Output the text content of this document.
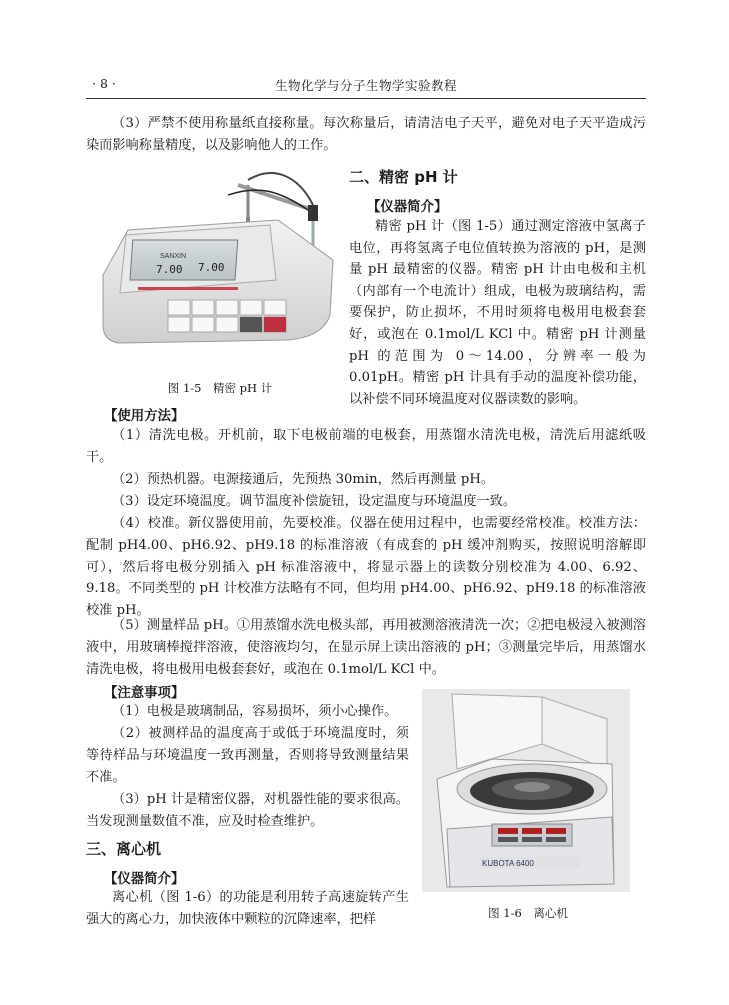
· 8 ·	生物化学与分子生物学实验教程

（3）严禁不使用称量纸直接称量。每次称量后，请清洁电子天平，避免对电子天平造成污染而影响称量精度，以及影响他人的工作。

SANXIN
7.00 7.00
图 1-5　精密 pH 计
二、精密 pH 计
【仪器简介】

精密 pH 计（图 1-5）通过测定溶液中氢离子电位，再将氢离子电位值转换为溶液的 pH，是测量 pH 最精密的仪器。精密 pH 计由电极和主机（内部有一个电流计）组成，电极为玻璃结构，需要保护，防止损坏，不用时须将电极用电极套套好，或泡在 0.1mol/L KCl 中。精密 pH 计测量 pH 的范围为 0～14.00，分辨率一般为 0.01pH。精密 pH 计具有手动的温度补偿功能，以补偿不同环境温度对仪器读数的影响。

【使用方法】

（1）清洗电极。开机前，取下电极前端的电极套，用蒸馏水清洗电极，清洗后用滤纸吸干。

（2）预热机器。电源接通后，先预热 30min，然后再测量 pH。

（3）设定环境温度。调节温度补偿旋钮，设定温度与环境温度一致。

（4）校准。新仪器使用前，先要校准。仪器在使用过程中，也需要经常校准。校准方法：配制 pH4.00、pH6.92、pH9.18 的标准溶液（有成套的 pH 缓冲剂购买，按照说明溶解即可），然后将电极分别插入 pH 标准溶液中，将显示器上的读数分别校准为 4.00、6.92、9.18。不同类型的 pH 计校准方法略有不同，但均用 pH4.00、pH6.92、pH9.18 的标准溶液校准 pH。

（5）测量样品 pH。①用蒸馏水洗电极头部，再用被测溶液清洗一次；②把电极浸入被测溶液中，用玻璃棒搅拌溶液，使溶液均匀，在显示屏上读出溶液的 pH；③测量完毕后，用蒸馏水清洗电极，将电极用电极套套好，或泡在 0.1mol/L KCl 中。

【注意事项】

（1）电极是玻璃制品，容易损坏，须小心操作。

（2）被测样品的温度高于或低于环境温度时，须等待样品与环境温度一致再测量，否则将导致测量结果不准。

（3）pH 计是精密仪器，对机器性能的要求很高。当发现测量数值不准，应及时检查维护。

三、离心机
【仪器简介】

离心机（图 1-6）的功能是利用转子高速旋转产生强大的离心力，加快液体中颗粒的沉降速率，把样

KUBOTA 6400
图 1-6　离心机
